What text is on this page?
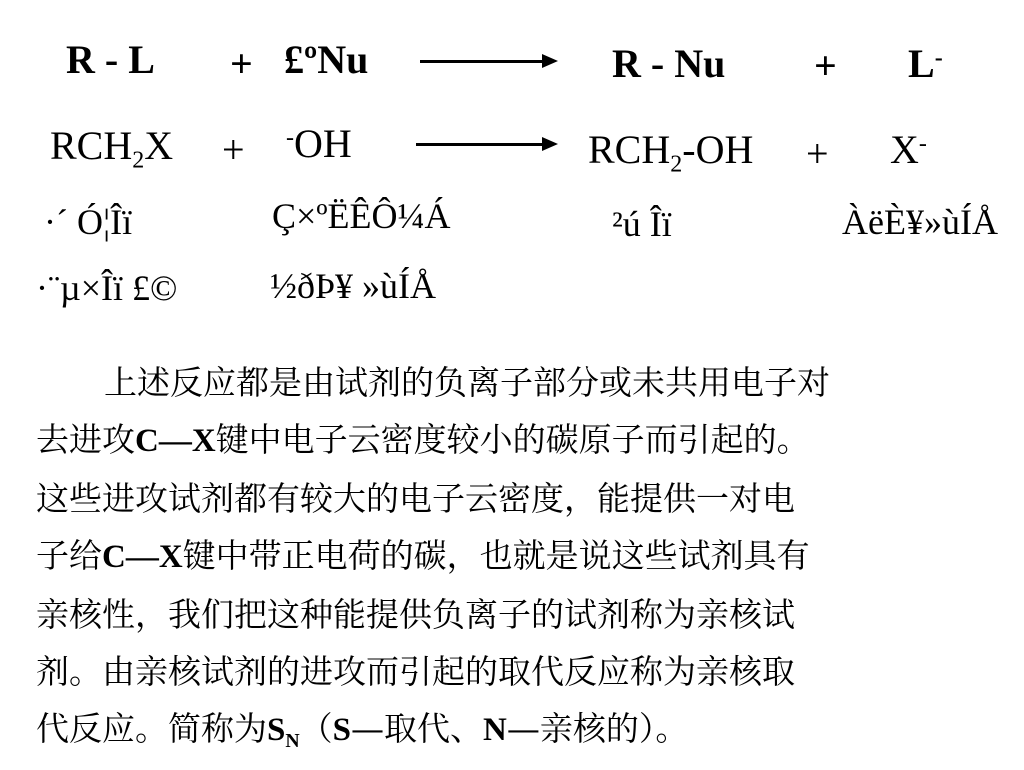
R - L + £ºNu	R - Nu + L-
$RCH_2X + ^-OH$	$RCH_2-OH + X^-$
·´ Ó¦Îï	Ç×ºËÊÔ¼Á	²ú Îï	ÀëÈ¥»ùÍÅ
·¨µ×Îï £©	½ðÞ¥ »ùÍÅ
上述反应都是由试剂的负离子部分或未共用电子对
去进攻C—X键中电子云密度较小的碳原子而引起的。
这些进攻试剂都有较大的电子云密度，能提供一对电
子给C—X键中带正电荷的碳，也就是说这些试剂具有
亲核性，我们把这种能提供负离子的试剂称为亲核试
剂。由亲核试剂的进攻而引起的取代反应称为亲核取
代反应。简称为$S_N(S—$取代、N—亲核的）。
